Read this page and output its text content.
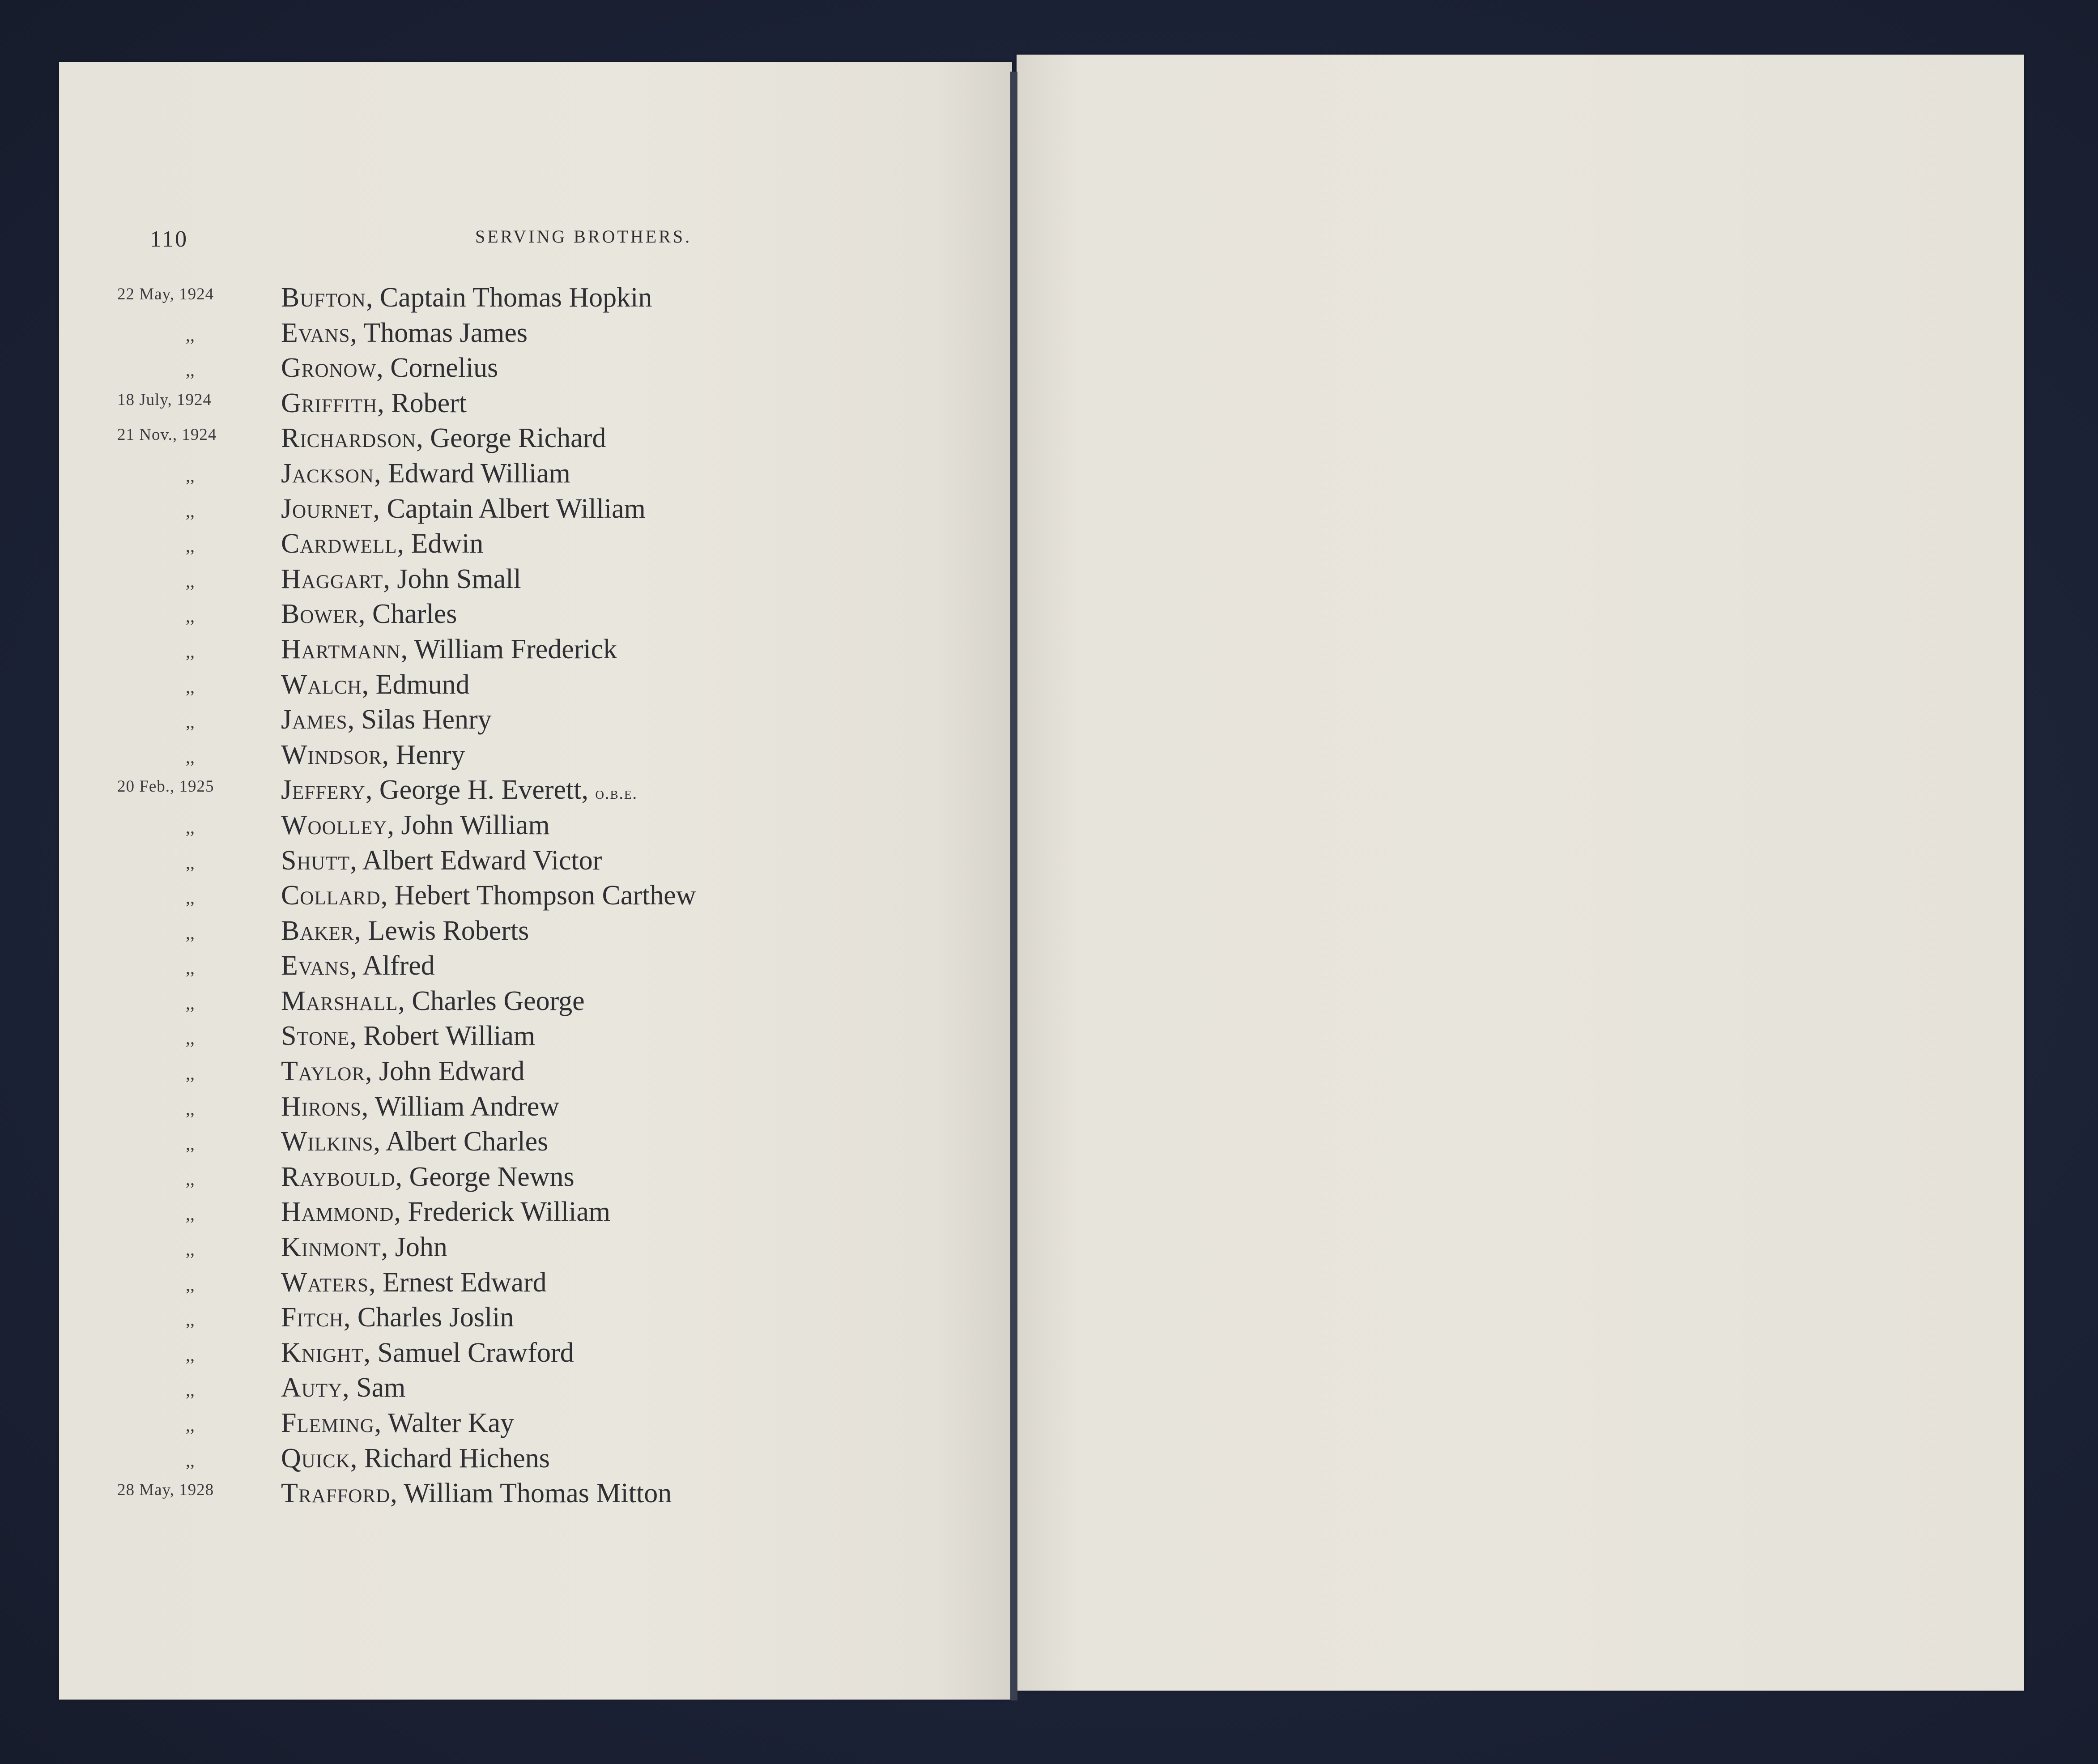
110	SERVING BROTHERS.
22 May, 1924	Bufton, Captain Thomas Hopkin
,,	Evans, Thomas James
,,	Gronow, Cornelius
18 July, 1924	Griffith, Robert
21 Nov., 1924	Richardson, George Richard
,,	Jackson, Edward William
,,	Journet, Captain Albert William
,,	Cardwell, Edwin
,,	Haggart, John Small
,,	Bower, Charles
,,	Hartmann, William Frederick
,,	Walch, Edmund
,,	James, Silas Henry
,,	Windsor, Henry
20 Feb., 1925	Jeffery, George H. Everett, o.b.e.
,,	Woolley, John William
,,	Shutt, Albert Edward Victor
,,	Collard, Hebert Thompson Carthew
,,	Baker, Lewis Roberts
,,	Evans, Alfred
,,	Marshall, Charles George
,,	Stone, Robert William
,,	Taylor, John Edward
,,	Hirons, William Andrew
,,	Wilkins, Albert Charles
,,	Raybould, George Newns
,,	Hammond, Frederick William
,,	Kinmont, John
,,	Waters, Ernest Edward
,,	Fitch, Charles Joslin
,,	Knight, Samuel Crawford
,,	Auty, Sam
,,	Fleming, Walter Kay
,,	Quick, Richard Hichens
28 May, 1928	Trafford, William Thomas Mitton
